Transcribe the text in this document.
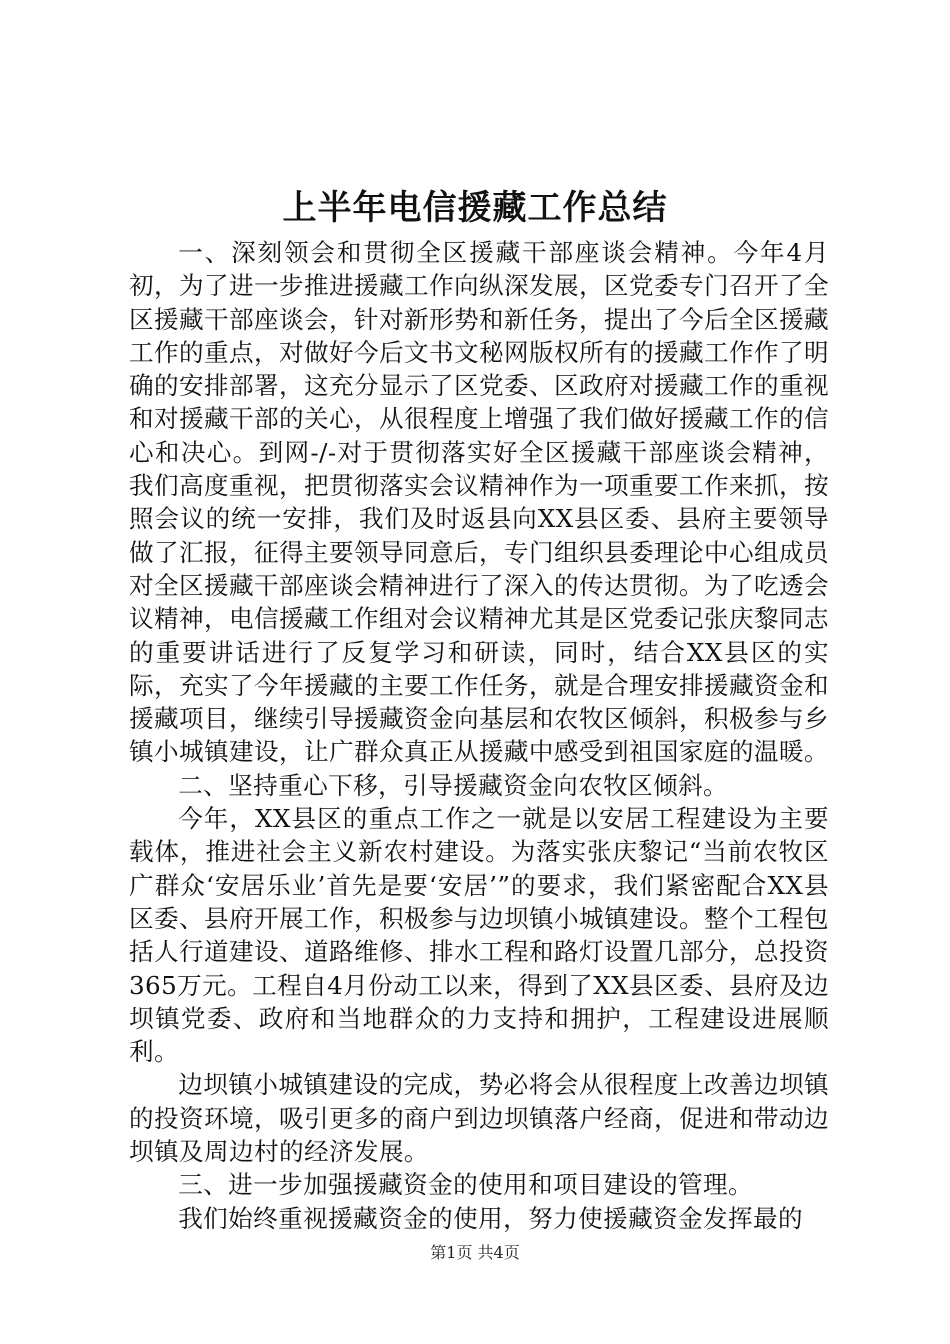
上半年电信援藏工作总结

一、深刻领会和贯彻全区援藏干部座谈会精神。今年4月初，为了进一步推进援藏工作向纵深发展，区党委专门召开了全区援藏干部座谈会，针对新形势和新任务，提出了今后全区援藏工作的重点，对做好今后文书文秘网版权所有的援藏工作作了明确的安排部署，这充分显示了区党委、区政府对援藏工作的重视和对援藏干部的关心，从很程度上增强了我们做好援藏工作的信心和决心。到网-/-对于贯彻落实好全区援藏干部座谈会精神，我们高度重视，把贯彻落实会议精神作为一项重要工作来抓，按照会议的统一安排，我们及时返县向XX县区委、县府主要领导做了汇报，征得主要领导同意后，专门组织县委理论中心组成员对全区援藏干部座谈会精神进行了深入的传达贯彻。为了吃透会议精神，电信援藏工作组对会议精神尤其是区党委记张庆黎同志的重要讲话进行了反复学习和研读，同时，结合XX县区的实际，充实了今年援藏的主要工作任务，就是合理安排援藏资金和援藏项目，继续引导援藏资金向基层和农牧区倾斜，积极参与乡镇小城镇建设，让广群众真正从援藏中感受到祖国家庭的温暖。

二、坚持重心下移，引导援藏资金向农牧区倾斜。

今年，XX县区的重点工作之一就是以安居工程建设为主要载体，推进社会主义新农村建设。为落实张庆黎记“当前农牧区广群众‘安居乐业’首先是要‘安居’”的要求，我们紧密配合XX县区委、县府开展工作，积极参与边坝镇小城镇建设。整个工程包括人行道建设、道路维修、排水工程和路灯设置几部分，总投资365万元。工程自4月份动工以来，得到了XX县区委、县府及边坝镇党委、政府和当地群众的力支持和拥护，工程建设进展顺利。

边坝镇小城镇建设的完成，势必将会从很程度上改善边坝镇的投资环境，吸引更多的商户到边坝镇落户经商，促进和带动边坝镇及周边村的经济发展。

三、进一步加强援藏资金的使用和项目建设的管理。

我们始终重视援藏资金的使用，努力使援藏资金发挥最的

第1页 共4页
